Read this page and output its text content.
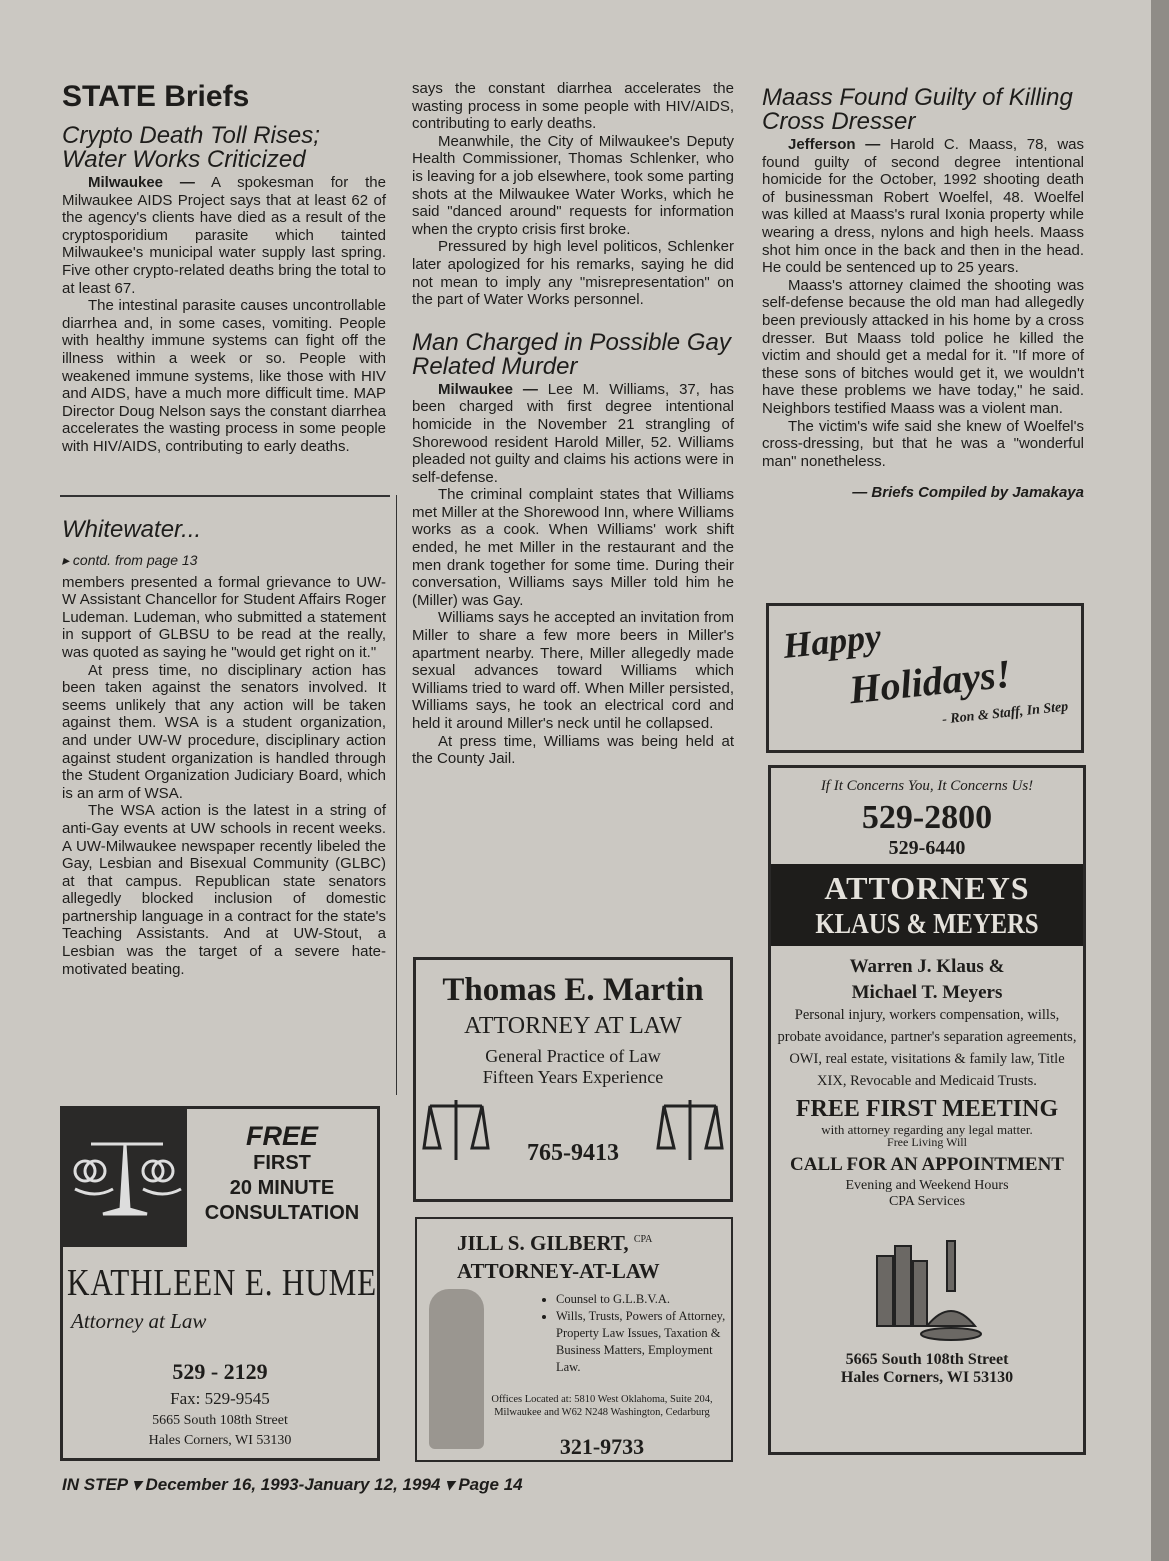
STATE Briefs
Crypto Death Toll Rises; Water Works Criticized

Milwaukee — A spokesman for the Milwaukee AIDS Project says that at least 62 of the agency's clients have died as a result of the cryptosporidium parasite which tainted Milwaukee's municipal water supply last spring. Five other crypto-related deaths bring the total to at least 67.

The intestinal parasite causes uncontrollable diarrhea and, in some cases, vomiting. People with healthy immune systems can fight off the illness within a week or so. People with weakened immune systems, like those with HIV and AIDS, have a much more difficult time. MAP Director Doug Nelson says the constant diarrhea accelerates the wasting process in some people with HIV/AIDS, contributing to early deaths.

Whitewater...
▸ contd. from page 13

members presented a formal grievance to UW-W Assistant Chancellor for Student Affairs Roger Ludeman. Ludeman, who submitted a statement in support of GLBSU to be read at the really, was quoted as saying he "would get right on it."

At press time, no disciplinary action has been taken against the senators involved. It seems unlikely that any action will be taken against them. WSA is a student organization, and under UW-W procedure, disciplinary action against student organization is handled through the Student Organization Judiciary Board, which is an arm of WSA.

The WSA action is the latest in a string of anti-Gay events at UW schools in recent weeks. A UW-Milwaukee newspaper recently libeled the Gay, Lesbian and Bisexual Community (GLBC) at that campus. Republican state senators allegedly blocked inclusion of domestic partnership language in a contract for the state's Teaching Assistants. And at UW-Stout, a Lesbian was the target of a severe hate-motivated beating.

says the constant diarrhea accelerates the wasting process in some people with HIV/AIDS, contributing to early deaths.

Meanwhile, the City of Milwaukee's Deputy Health Commissioner, Thomas Schlenker, who is leaving for a job elsewhere, took some parting shots at the Milwaukee Water Works, which he said "danced around" requests for information when the crypto crisis first broke.

Pressured by high level politicos, Schlenker later apologized for his remarks, saying he did not mean to imply any "misrepresentation" on the part of Water Works personnel.

Man Charged in Possible Gay Related Murder

Milwaukee — Lee M. Williams, 37, has been charged with first degree intentional homicide in the November 21 strangling of Shorewood resident Harold Miller, 52. Williams pleaded not guilty and claims his actions were in self-defense.

The criminal complaint states that Williams met Miller at the Shorewood Inn, where Williams works as a cook. When Williams' work shift ended, he met Miller in the restaurant and the men drank together for some time. During their conversation, Williams says Miller told him he (Miller) was Gay.

Williams says he accepted an invitation from Miller to share a few more beers in Miller's apartment nearby. There, Miller allegedly made sexual advances toward Williams which Williams tried to ward off. When Miller persisted, Williams says, he took an electrical cord and held it around Miller's neck until he collapsed.

At press time, Williams was being held at the County Jail.

Maass Found Guilty of Killing Cross Dresser

Jefferson — Harold C. Maass, 78, was found guilty of second degree intentional homicide for the October, 1992 shooting death of businessman Robert Woelfel, 48. Woelfel was killed at Maass's rural Ixonia property while wearing a dress, nylons and high heels. Maass shot him once in the back and then in the head. He could be sentenced up to 25 years.

Maass's attorney claimed the shooting was self-defense because the old man had allegedly been previously attacked in his home by a cross dresser. But Maass told police he killed the victim and should get a medal for it. "If more of these sons of bitches would get it, we wouldn't have these problems we have today," he said. Neighbors testified Maass was a violent man.

The victim's wife said she knew of Woelfel's cross-dressing, but that he was a "wonderful man" nonetheless.

— Briefs Compiled by Jamakaya
FREE
FIRST
20 MINUTE
CONSULTATION
KATHLEEN E. HUME
Attorney at Law
529 - 2129
Fax: 529-9545
5665 South 108th Street
Hales Corners, WI 53130
Thomas E. Martin
ATTORNEY AT LAW
General Practice of Law
Fifteen Years Experience
765-9413
JILL S. GILBERT, $^{CPA}$
ATTORNEY-AT-LAW
• Counsel to G.L.B.V.A.
• Wills, Trusts, Powers of Attorney, Property Law Issues, Taxation & Business Matters, Employment Law.
Offices Located at: 5810 West Oklahoma, Suite 204, Milwaukee and W62 N248 Washington, Cedarburg
321-9733
Happy
Holidays!
- Ron & Staff, In Step
If It Concerns You, It Concerns Us!
529-2800
529-6440
ATTORNEYS
KLAUS & MEYERS
Warren J. Klaus &
Michael T. Meyers
Personal injury, workers compensation, wills, probate avoidance, partner's separation agreements, OWI, real estate, visitations & family law, Title XIX, Revocable and Medicaid Trusts.
FREE FIRST MEETING
with attorney regarding any legal matter.
Free Living Will
CALL FOR AN APPOINTMENT
Evening and Weekend Hours
CPA Services
5665 South 108th Street
Hales Corners, WI 53130
IN STEP ▾ December 16, 1993-January 12, 1994 ▾ Page 14
